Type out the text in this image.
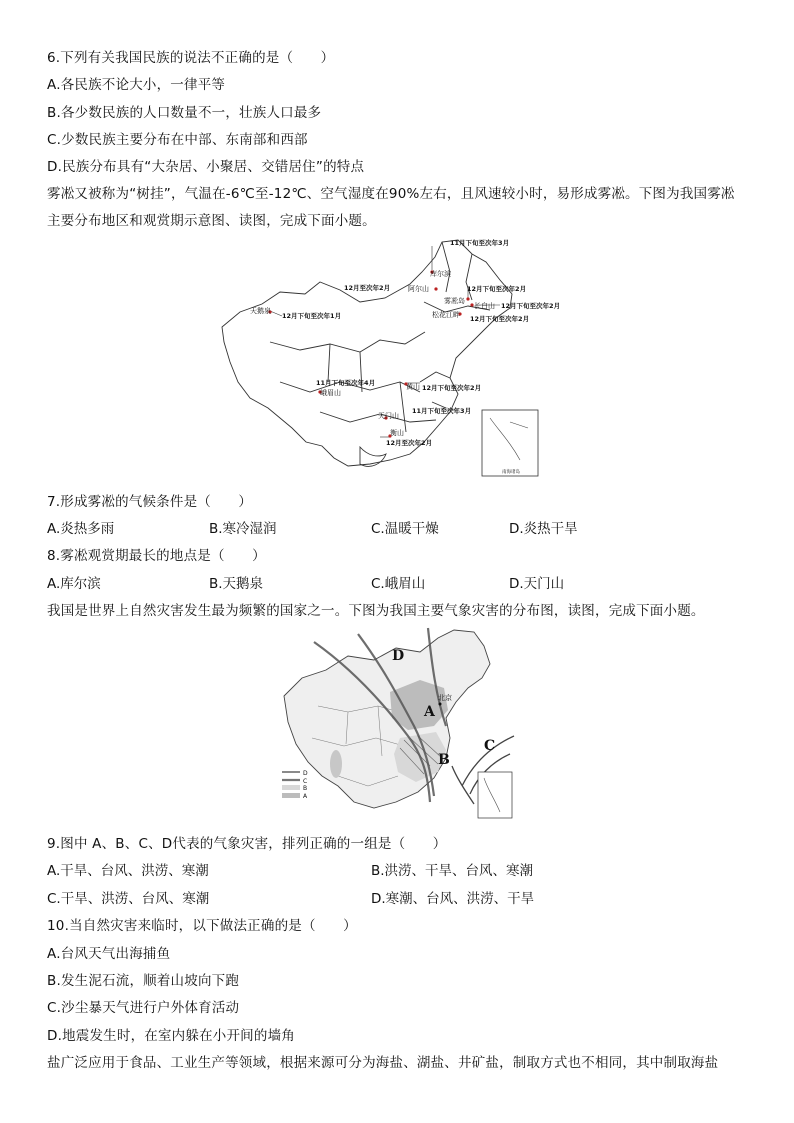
6.下列有关我国民族的说法不正确的是（　　）
A.各民族不论大小，一律平等
B.各少数民族的人口数量不一，壮族人口最多
C.少数民族主要分布在中部、东南部和西部
D.民族分布具有“大杂居、小聚居、交错居住”的特点
雾凇又被称为“树挂”，气温在-6℃至-12℃、空气湿度在90%左右，且风速较小时，易形成雾凇。下图为我国雾凇
主要分布地区和观赏期示意图、读图，完成下面小题。
南海诸岛
11月下旬至次年3月
库尔滨
12月至次年2月	阿尔山	12月下旬至次年2月
雾凇岛
长白山 12月下旬至次年2月
松花江畔 12月下旬至次年2月
天鹅泉
12月下旬至次年1月
11月下旬至次年4月
峨眉山
黄山 12月下旬至次年2月
天门山
11月下旬至次年3月
衡山
12月至次年2月
7.形成雾凇的气候条件是（　　）
A.炎热多雨	B.寒冷湿润	C.温暖干燥	D.炎热干旱
8.雾凇观赏期最长的地点是（　　）
A.库尔滨	B.天鹅泉	C.峨眉山	D.天门山
我国是世界上自然灾害发生最为频繁的国家之一。下图为我国主要气象灾害的分布图，读图，完成下面小题。
D
A
B
C
北京
D
C
B
A
9.图中 A、B、C、D代表的气象灾害，排列正确的一组是（　　）
A.干旱、台风、洪涝、寒潮	B.洪涝、干旱、台风、寒潮
C.干旱、洪涝、台风、寒潮	D.寒潮、台风、洪涝、干旱
10.当自然灾害来临时，以下做法正确的是（　　）
A.台风天气出海捕鱼
B.发生泥石流，顺着山坡向下跑
C.沙尘暴天气进行户外体育活动
D.地震发生时，在室内躲在小开间的墙角
盐广泛应用于食品、工业生产等领域，根据来源可分为海盐、湖盐、井矿盐，制取方式也不相同，其中制取海盐
